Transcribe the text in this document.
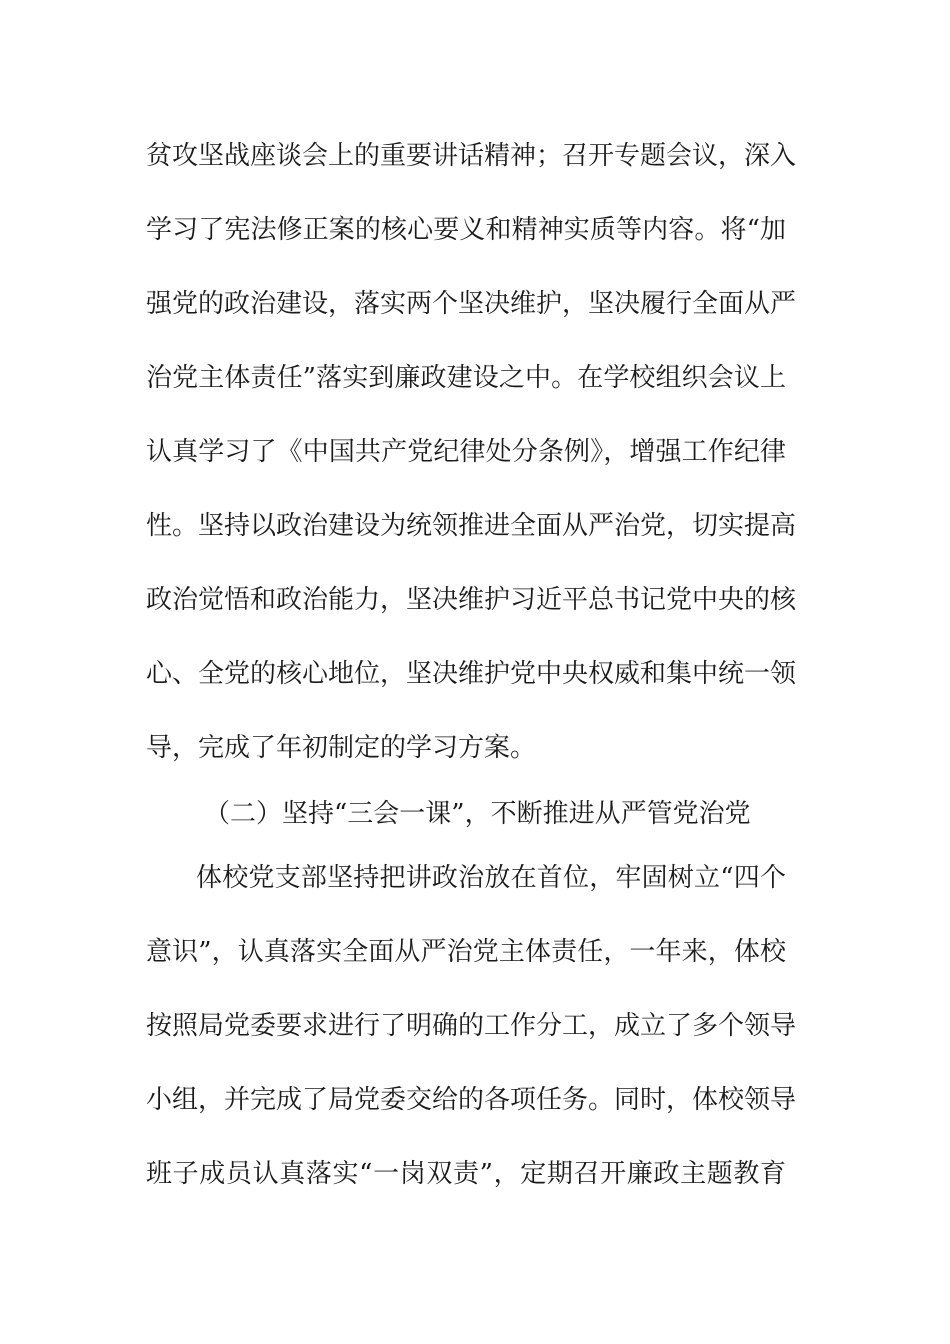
贫攻坚战座谈会上的重要讲话精神；召开专题会议，深入
学习了宪法修正案的核心要义和精神实质等内容。将“加
强党的政治建设，落实两个坚决维护，坚决履行全面从严
治党主体责任”落实到廉政建设之中。在学校组织会议上
认真学习了《中国共产党纪律处分条例》，增强工作纪律
性。坚持以政治建设为统领推进全面从严治党，切实提高
政治觉悟和政治能力，坚决维护习近平总书记党中央的核
心、全党的核心地位，坚决维护党中央权威和集中统一领
导，完成了年初制定的学习方案。
（二）坚持“三会一课”，不断推进从严管党治党
体校党支部坚持把讲政治放在首位，牢固树立“四个
意识”，认真落实全面从严治党主体责任，一年来，体校
按照局党委要求进行了明确的工作分工，成立了多个领导
小组，并完成了局党委交给的各项任务。同时，体校领导
班子成员认真落实“一岗双责”，定期召开廉政主题教育
